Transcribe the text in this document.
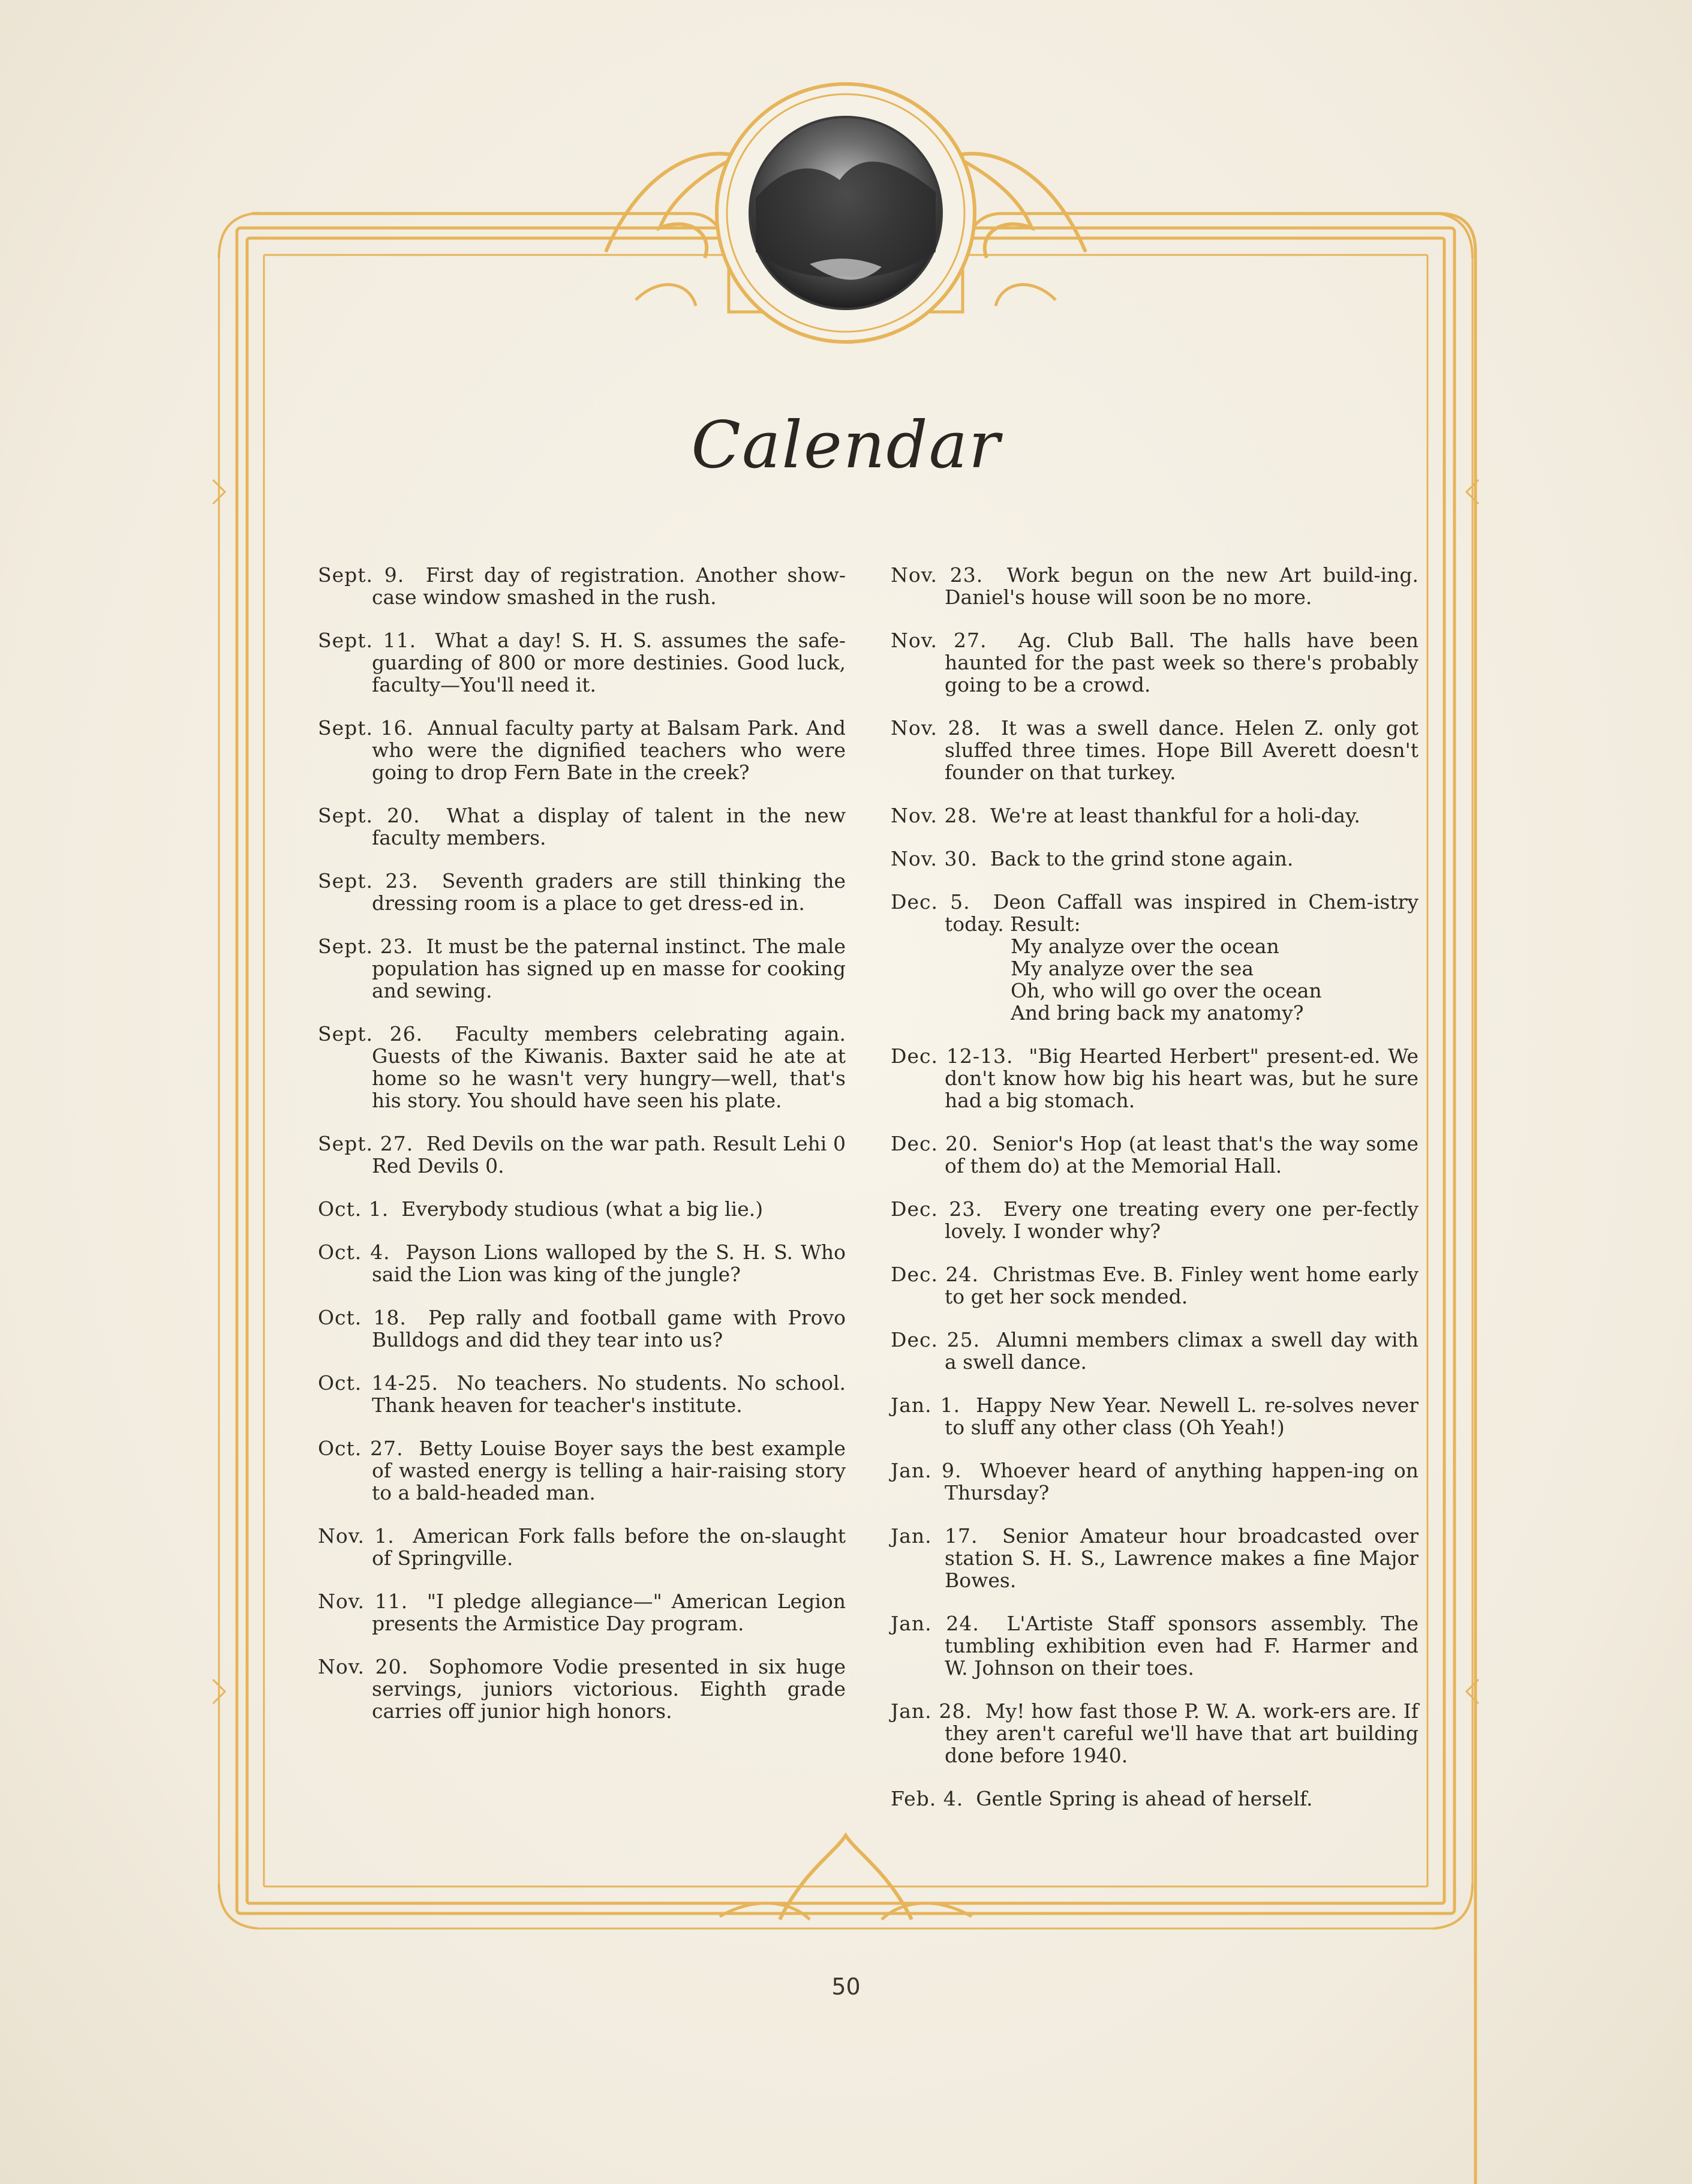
Calendar

Sept. 9. First day of registration. Another show-case window smashed in the rush.

Sept. 11. What a day! S. H. S. assumes the safe-guarding of 800 or more destinies. Good luck, faculty—You'll need it.

Sept. 16. Annual faculty party at Balsam Park. And who were the dignified teachers who were going to drop Fern Bate in the creek?

Sept. 20. What a display of talent in the new faculty members.

Sept. 23. Seventh graders are still thinking the dressing room is a place to get dress-ed in.

Sept. 23. It must be the paternal instinct. The male population has signed up en masse for cooking and sewing.

Sept. 26. Faculty members celebrating again. Guests of the Kiwanis. Baxter said he ate at home so he wasn't very hungry—well, that's his story. You should have seen his plate.

Sept. 27. Red Devils on the war path. Result Lehi 0 Red Devils 0.

Oct. 1. Everybody studious (what a big lie.)

Oct. 4. Payson Lions walloped by the S. H. S. Who said the Lion was king of the jungle?

Oct. 18. Pep rally and football game with Provo Bulldogs and did they tear into us?

Oct. 14-25. No teachers. No students. No school. Thank heaven for teacher's institute.

Oct. 27. Betty Louise Boyer says the best example of wasted energy is telling a hair-raising story to a bald-headed man.

Nov. 1. American Fork falls before the on-slaught of Springville.

Nov. 11. "I pledge allegiance—" American Legion presents the Armistice Day program.

Nov. 20. Sophomore Vodie presented in six huge servings, juniors victorious. Eighth grade carries off junior high honors.

Nov. 23. Work begun on the new Art build-ing. Daniel's house will soon be no more.

Nov. 27. Ag. Club Ball. The halls have been haunted for the past week so there's probably going to be a crowd.

Nov. 28. It was a swell dance. Helen Z. only got sluffed three times. Hope Bill Averett doesn't founder on that turkey.

Nov. 28. We're at least thankful for a holi-day.

Nov. 30. Back to the grind stone again.

Dec. 5. Deon Caffall was inspired in Chem-istry today. Result:
My analyze over the ocean
My analyze over the sea
Oh, who will go over the ocean
And bring back my anatomy?

Dec. 12-13. "Big Hearted Herbert" present-ed. We don't know how big his heart was, but he sure had a big stomach.

Dec. 20. Senior's Hop (at least that's the way some of them do) at the Memorial Hall.

Dec. 23. Every one treating every one per-fectly lovely. I wonder why?

Dec. 24. Christmas Eve. B. Finley went home early to get her sock mended.

Dec. 25. Alumni members climax a swell day with a swell dance.

Jan. 1. Happy New Year. Newell L. re-solves never to sluff any other class (Oh Yeah!)

Jan. 9. Whoever heard of anything happen-ing on Thursday?

Jan. 17. Senior Amateur hour broadcasted over station S. H. S., Lawrence makes a fine Major Bowes.

Jan. 24. L'Artiste Staff sponsors assembly. The tumbling exhibition even had F. Harmer and W. Johnson on their toes.

Jan. 28. My! how fast those P. W. A. work-ers are. If they aren't careful we'll have that art building done before 1940.

Feb. 4. Gentle Spring is ahead of herself.

50
